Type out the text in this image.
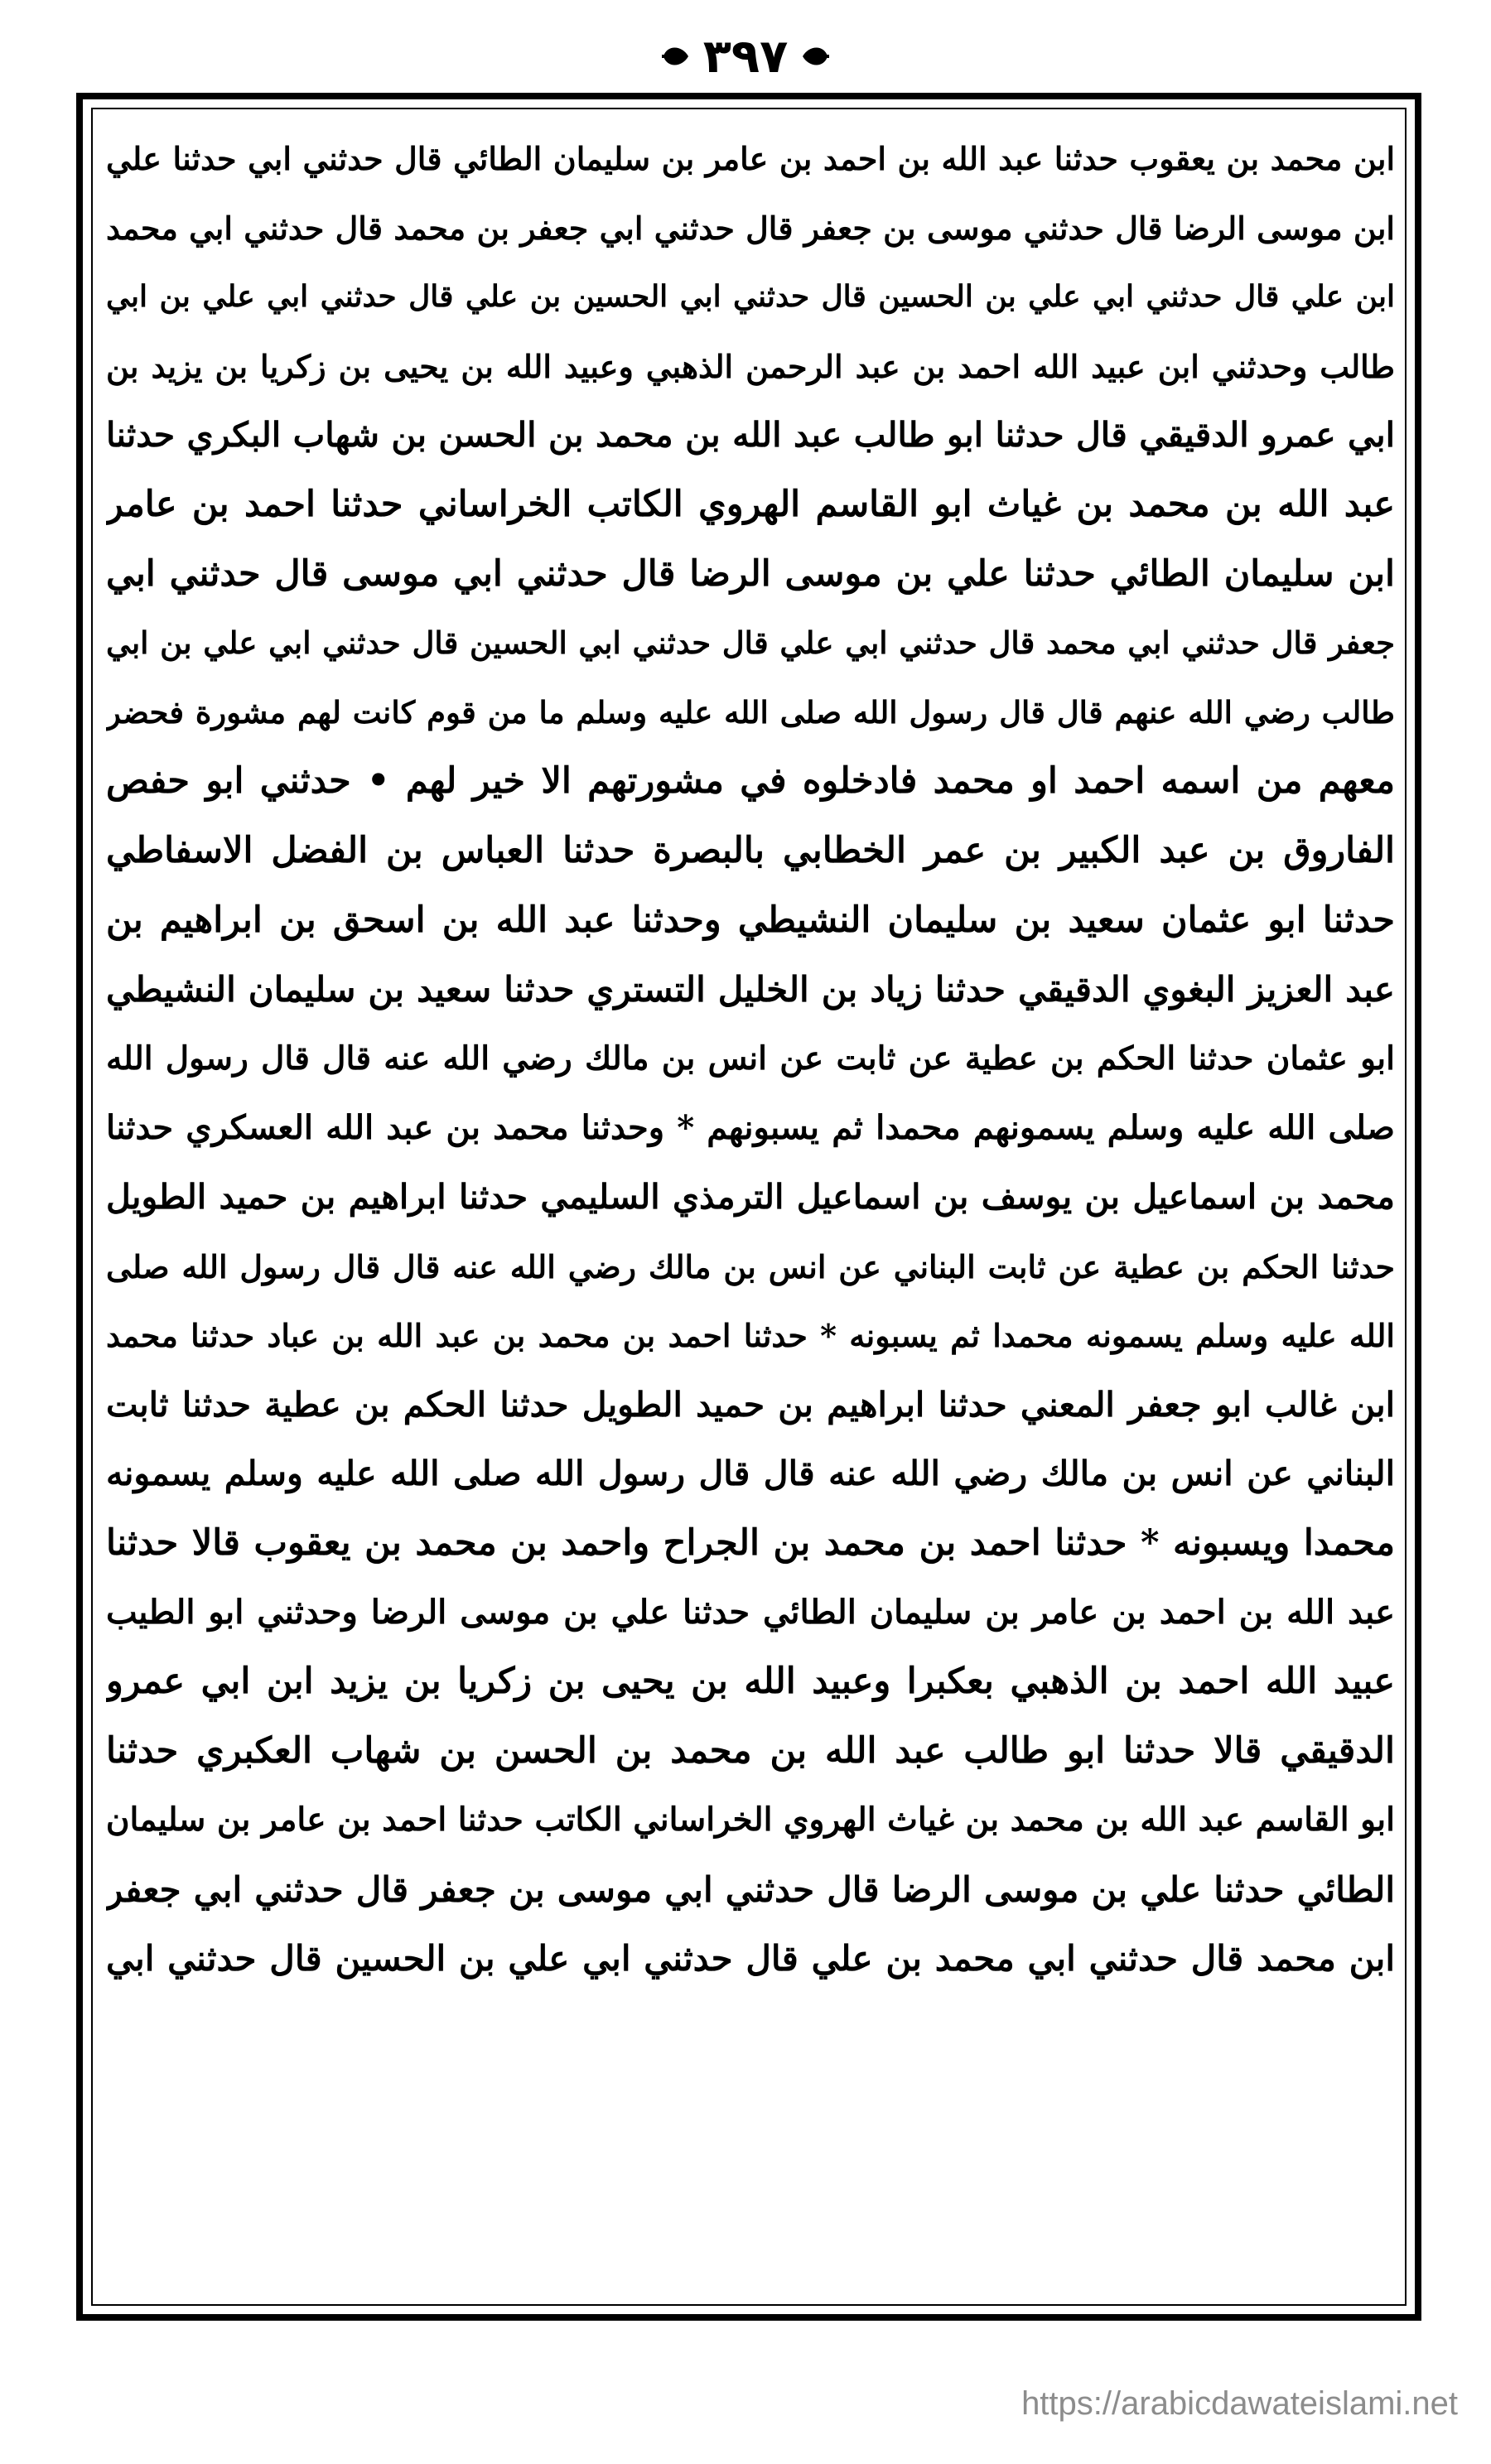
٣٩٧
ابن محمد بن يعقوب حدثنا عبد الله بن احمد بن عامر بن سليمان الطائي قال حدثني ابي حدثنا علي
ابن موسى الرضا قال حدثني موسى بن جعفر قال حدثني ابي جعفر بن محمد قال حدثني ابي محمد
ابن علي قال حدثني ابي علي بن الحسين قال حدثني ابي الحسين بن علي قال حدثني ابي علي بن ابي
طالب وحدثني ابن عبيد الله احمد بن عبد الرحمن الذهبي وعبيد الله بن يحيى بن زكريا بن يزيد بن
ابي عمرو الدقيقي قال حدثنا ابو طالب عبد الله بن محمد بن الحسن بن شهاب البكري حدثنا
عبد الله بن محمد بن غياث ابو القاسم الهروي الكاتب الخراساني حدثنا احمد بن عامر
ابن سليمان الطائي حدثنا علي بن موسى الرضا قال حدثني ابي موسى قال حدثني ابي
جعفر قال حدثني ابي محمد قال حدثني ابي علي قال حدثني ابي الحسين قال حدثني ابي علي بن ابي
طالب رضي الله عنهم قال قال رسول الله صلى الله عليه وسلم ما من قوم كانت لهم مشورة فحضر
معهم من اسمه احمد او محمد فادخلوه في مشورتهم الا خير لهم • حدثني ابو حفص
الفاروق بن عبد الكبير بن عمر الخطابي بالبصرة حدثنا العباس بن الفضل الاسفاطي
حدثنا ابو عثمان سعيد بن سليمان النشيطي وحدثنا عبد الله بن اسحق بن ابراهيم بن
عبد العزيز البغوي الدقيقي حدثنا زياد بن الخليل التستري حدثنا سعيد بن سليمان النشيطي
ابو عثمان حدثنا الحكم بن عطية عن ثابت عن انس بن مالك رضي الله عنه قال قال رسول الله
صلى الله عليه وسلم يسمونهم محمدا ثم يسبونهم * وحدثنا محمد بن عبد الله العسكري حدثنا
محمد بن اسماعيل بن يوسف بن اسماعيل الترمذي السليمي حدثنا ابراهيم بن حميد الطويل
حدثنا الحكم بن عطية عن ثابت البناني عن انس بن مالك رضي الله عنه قال قال رسول الله صلى
الله عليه وسلم يسمونه محمدا ثم يسبونه * حدثنا احمد بن محمد بن عبد الله بن عباد حدثنا محمد
ابن غالب ابو جعفر المعني حدثنا ابراهيم بن حميد الطويل حدثنا الحكم بن عطية حدثنا ثابت
البناني عن انس بن مالك رضي الله عنه قال قال رسول الله صلى الله عليه وسلم يسمونه
محمدا ويسبونه * حدثنا احمد بن محمد بن الجراح واحمد بن محمد بن يعقوب قالا حدثنا
عبد الله بن احمد بن عامر بن سليمان الطائي حدثنا علي بن موسى الرضا وحدثني ابو الطيب
عبيد الله احمد بن الذهبي بعكبرا وعبيد الله بن يحيى بن زكريا بن يزيد ابن ابي عمرو
الدقيقي قالا حدثنا ابو طالب عبد الله بن محمد بن الحسن بن شهاب العكبري حدثنا
ابو القاسم عبد الله بن محمد بن غياث الهروي الخراساني الكاتب حدثنا احمد بن عامر بن سليمان
الطائي حدثنا علي بن موسى الرضا قال حدثني ابي موسى بن جعفر قال حدثني ابي جعفر
ابن محمد قال حدثني ابي محمد بن علي قال حدثني ابي علي بن الحسين قال حدثني ابي
https://arabicdawateislami.net
